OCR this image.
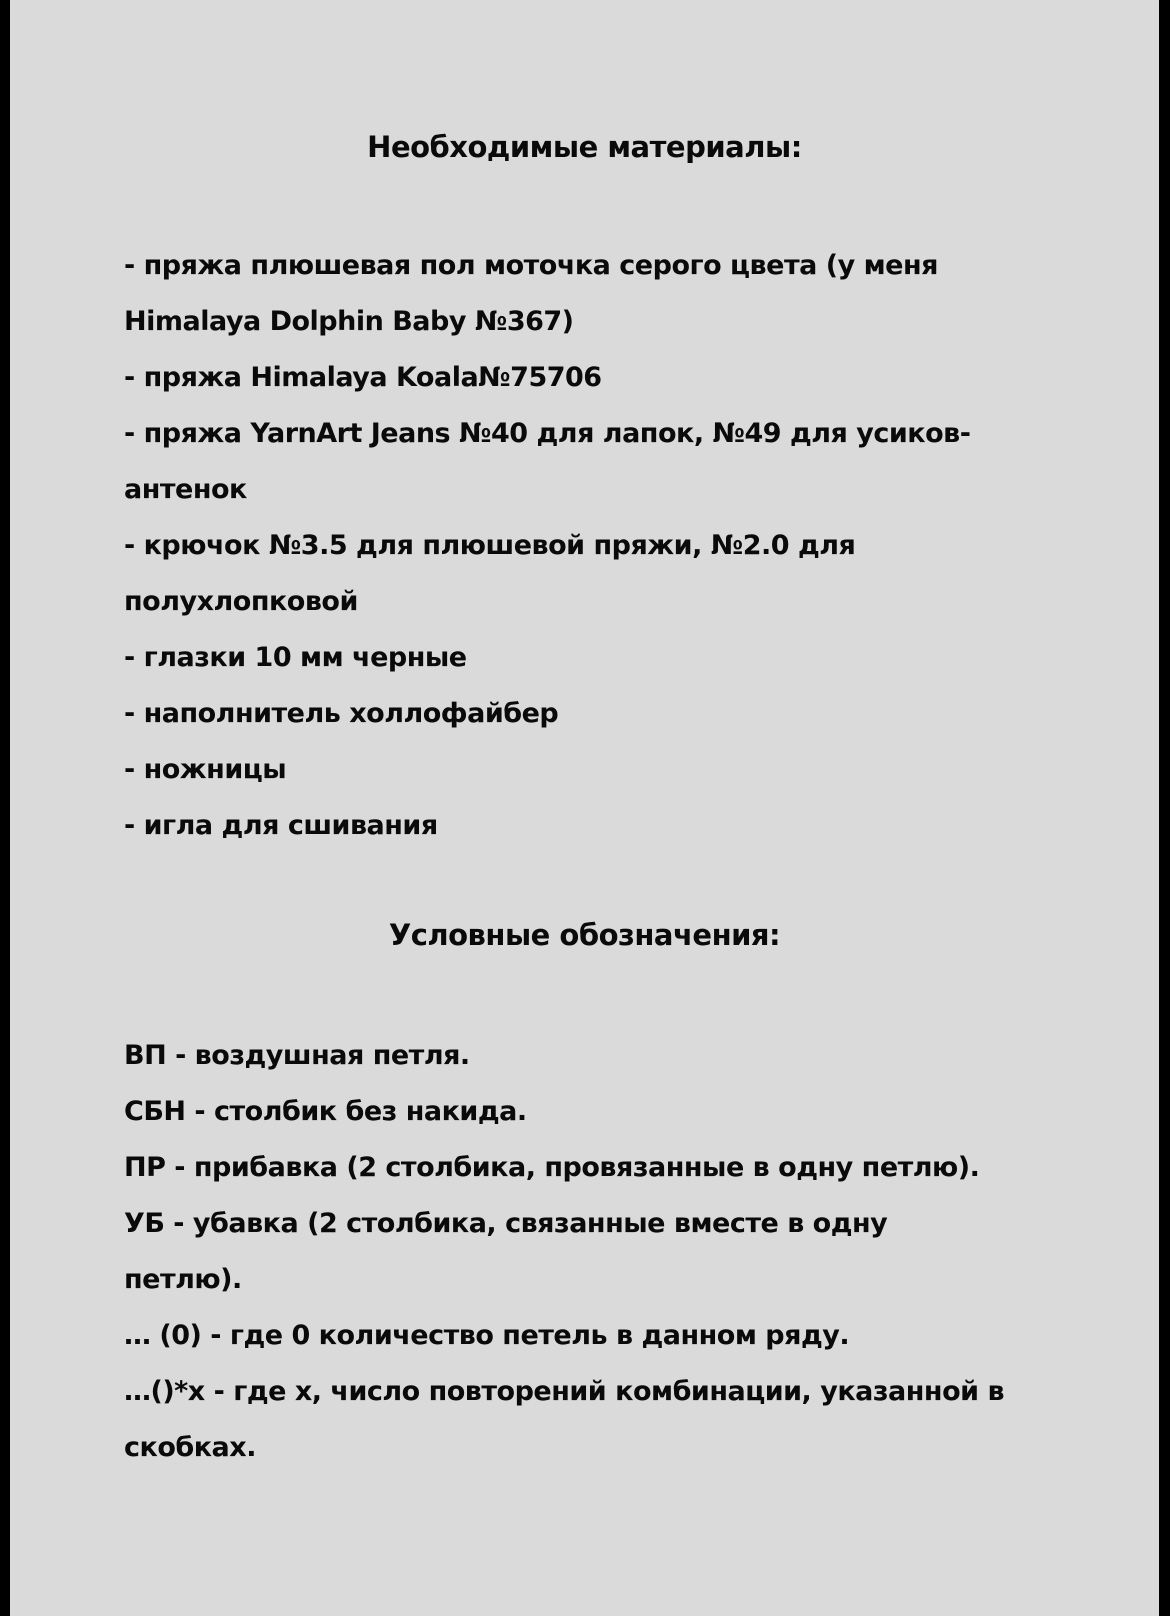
Необходимые материалы:
- пряжа плюшевая пол моточка серого цвета (у меня
Himalaya Dolphin Baby №367)
- пряжа Himalaya Koala№75706
- пряжа YarnArt Jeans №40 для лапок, №49 для усиков-
антенок
- крючок №3.5 для плюшевой пряжи, №2.0 для
полухлопковой
- глазки 10 мм черные
- наполнитель холлофайбер
- ножницы
- игла для сшивания
Условные обозначения:
ВП - воздушная петля.
СБН - столбик без накида.
ПР - прибавка (2 столбика, провязанные в одну петлю).
УБ - убавка (2 столбика, связанные вместе в одну
петлю).
… (0) - где 0 количество петель в данном ряду.
…()*х - где х, число повторений комбинации, указанной в
скобках.
